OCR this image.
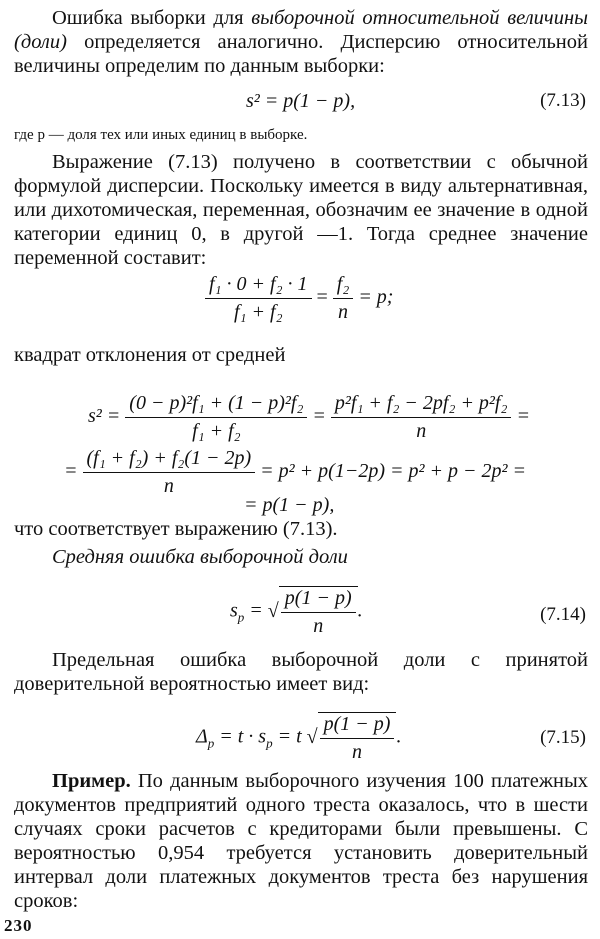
Ошибка выборки для выборочной относительной величины (доли) определяется аналогично. Дисперсию относительной величины определим по данным выборки:
s² = p(1 − p),	(7.13)
где p — доля тех или иных единиц в выборке.
Выражение (7.13) получено в соответствии с обычной формулой дисперсии. Поскольку имеется в виду альтернативная, или дихотомическая, переменная, обозначим ее значение в одной категории единиц 0, в другой —1. Тогда среднее значение переменной составит:
$\frac{\text{f₁ · 0 + f₂ · 1}}{\text{f₁ + f₂}} = \frac{\text{f₂}}{n} = p$;
квадрат отклонения от средней
$s^2 = \frac{\text{(0 − p)²f₁ + (1 − p)²f₂}}{\text{f₁ + f₂}} = \frac{\text{p²f₁ + f₂ − 2pf₂ + p²f₂}}{n}$ =
= $\frac{\text{(f₁ + f₂) + f₂(1 − 2p)}}{n} = p^2 + p(1-2p) = p^2 + p - 2p^2$ =
= p(1 − p),
что соответствует выражению (7.13).
Средняя ошибка выборочной доли
$s_p$ = √ $\frac{p(1 - p)}{n}$ .	(7.14)
Предельная ошибка выборочной доли с принятой доверительной вероятностью имеет вид:
$\Delta_p = t \cdot s_p = t$ √ $\frac{p(1 - p)}{n}$ .	(7.15)
Пример. По данным выборочного изучения 100 платежных документов предприятий одного треста оказалось, что в шести случаях сроки расчетов с кредиторами были превышены. С вероятностью 0,954 требуется установить доверительный интервал доли платежных документов треста без нарушения сроков:
230
